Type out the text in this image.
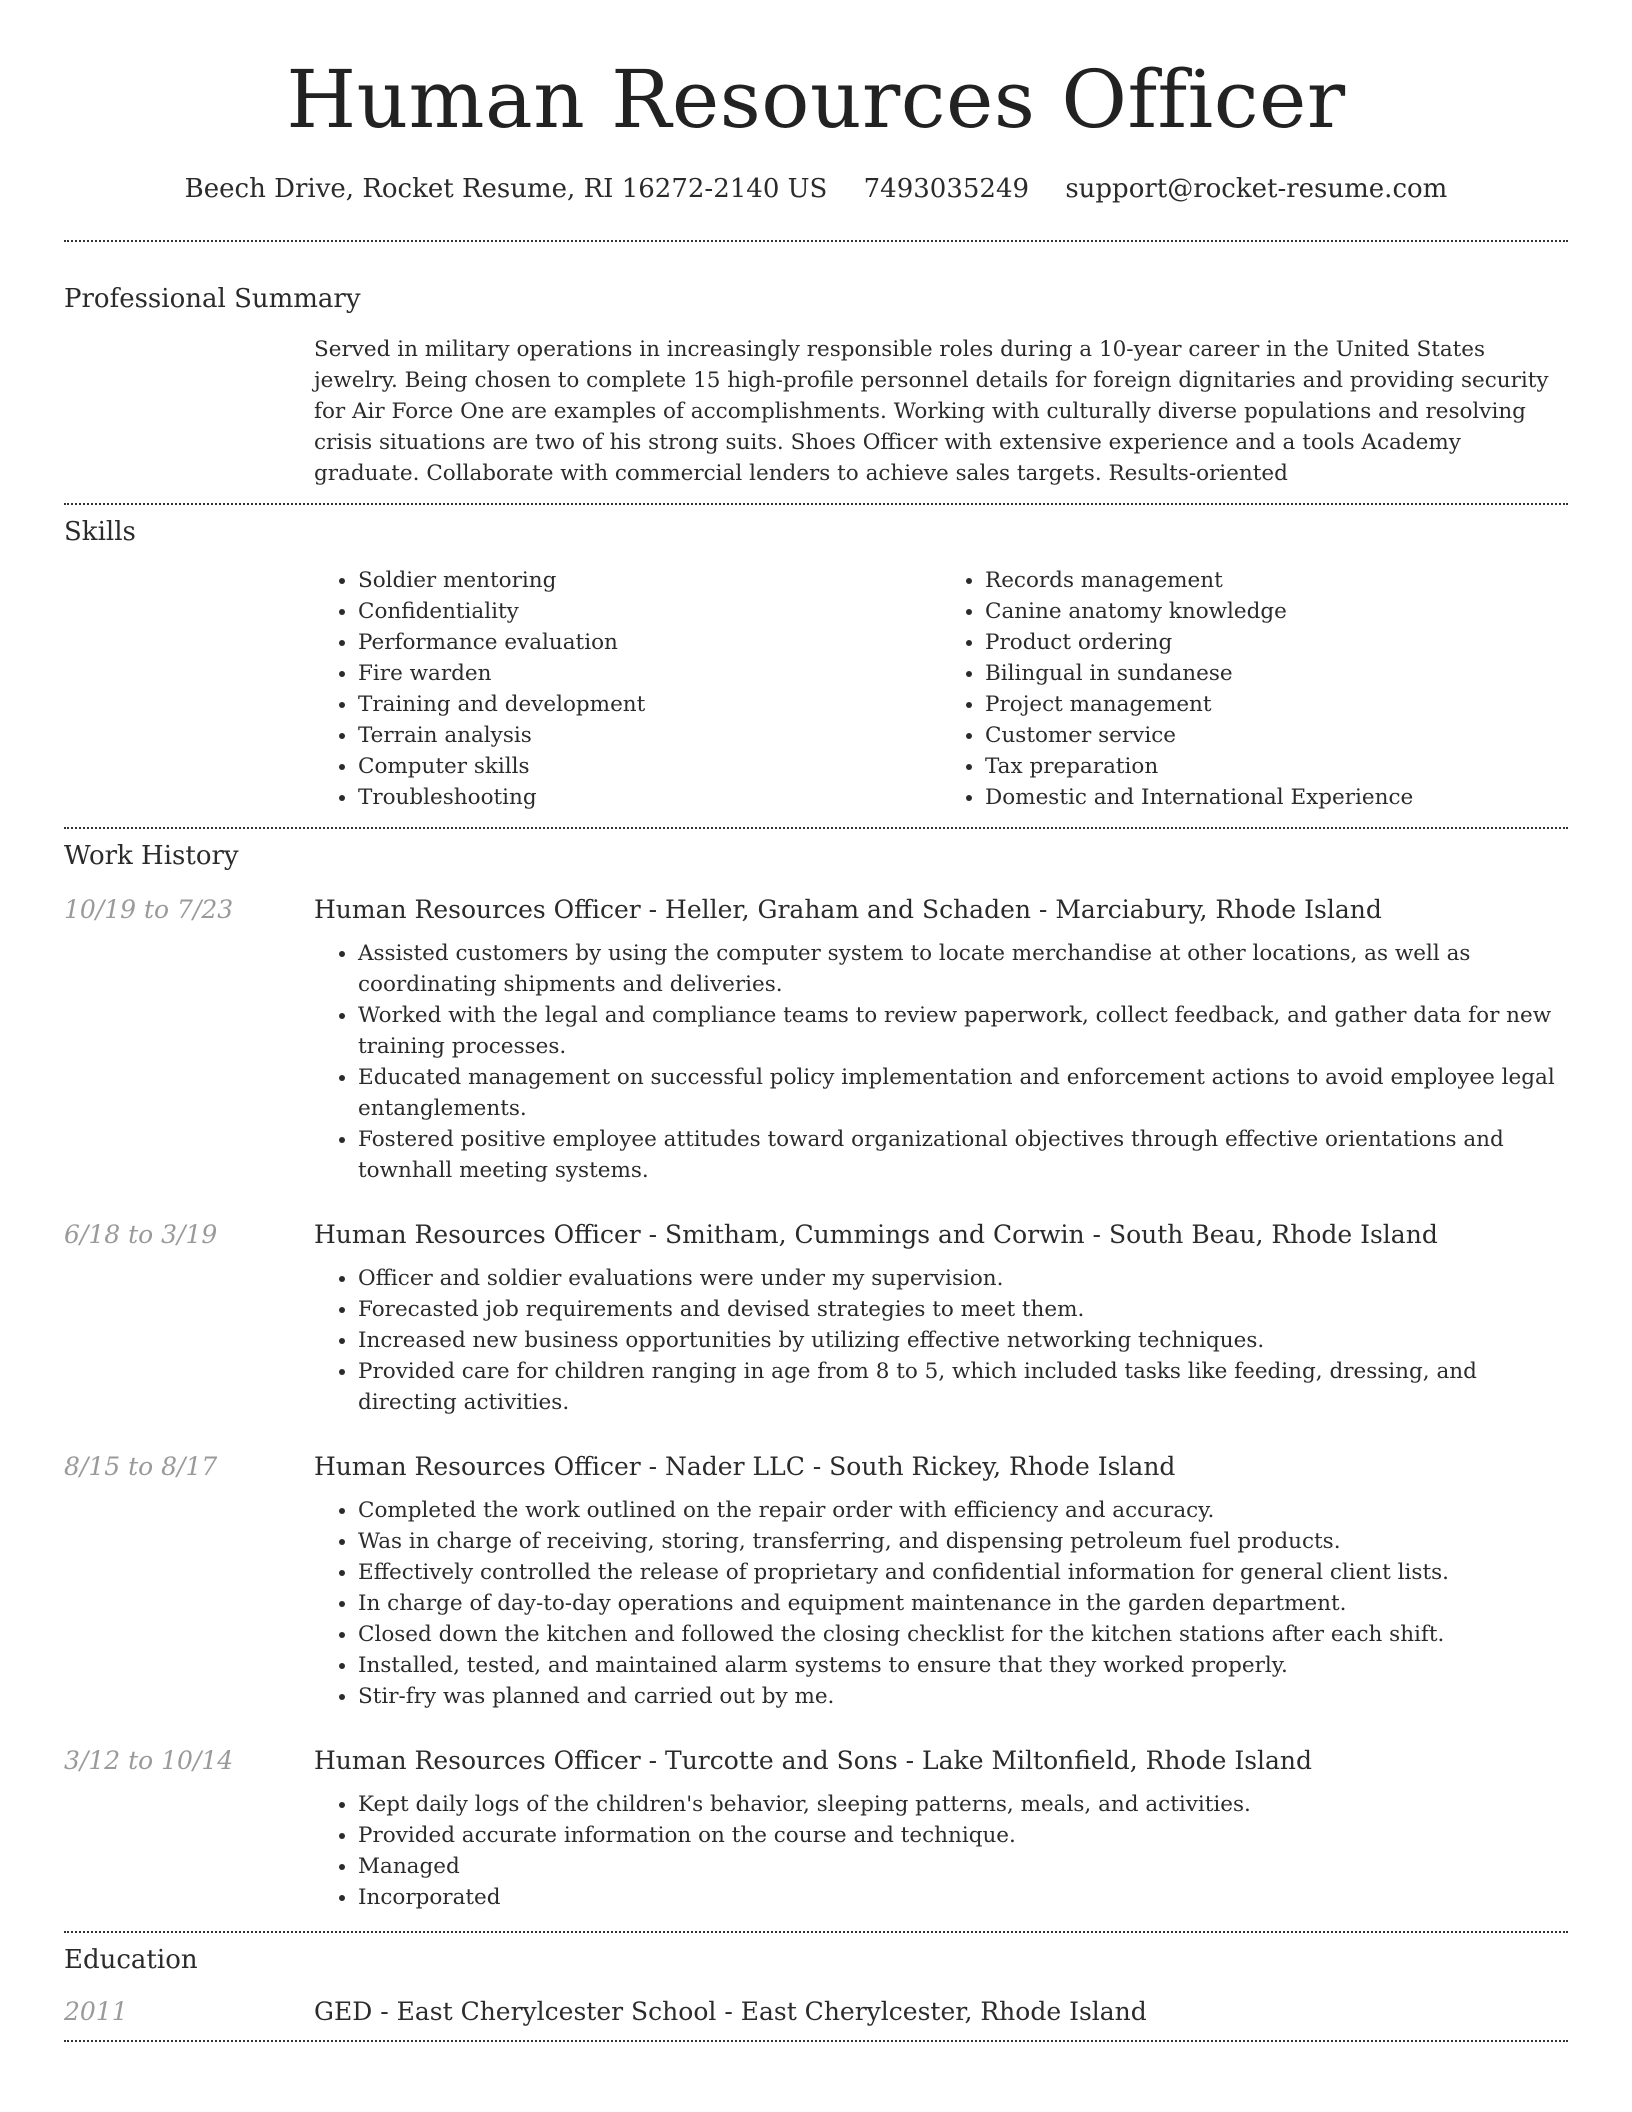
Human Resources Officer
Beech Drive, Rocket Resume, RI 16272-2140 US 7493035249 support@rocket-resume.com
Professional Summary
Served in military operations in increasingly responsible roles during a 10-year career in the United States jewelry. Being chosen to complete 15 high-profile personnel details for foreign dignitaries and providing security for Air Force One are examples of accomplishments. Working with culturally diverse populations and resolving crisis situations are two of his strong suits. Shoes Officer with extensive experience and a tools Academy graduate. Collaborate with commercial lenders to achieve sales targets. Results-oriented
Skills
• Soldier mentoring
• Confidentiality
• Performance evaluation
• Fire warden
• Training and development
• Terrain analysis
• Computer skills
• Troubleshooting
• Records management
• Canine anatomy knowledge
• Product ordering
• Bilingual in sundanese
• Project management
• Customer service
• Tax preparation
• Domestic and International Experience
Work History
10/19 to 7/23	Human Resources Officer - Heller, Graham and Schaden - Marciabury, Rhode Island
• Assisted customers by using the computer system to locate merchandise at other locations, as well as coordinating shipments and deliveries.
• Worked with the legal and compliance teams to review paperwork, collect feedback, and gather data for new training processes.
• Educated management on successful policy implementation and enforcement actions to avoid employee legal entanglements.
• Fostered positive employee attitudes toward organizational objectives through effective orientations and townhall meeting systems.
6/18 to 3/19	Human Resources Officer - Smitham, Cummings and Corwin - South Beau, Rhode Island
• Officer and soldier evaluations were under my supervision.
• Forecasted job requirements and devised strategies to meet them.
• Increased new business opportunities by utilizing effective networking techniques.
• Provided care for children ranging in age from 8 to 5, which included tasks like feeding, dressing, and directing activities.
8/15 to 8/17	Human Resources Officer - Nader LLC - South Rickey, Rhode Island
• Completed the work outlined on the repair order with efficiency and accuracy.
• Was in charge of receiving, storing, transferring, and dispensing petroleum fuel products.
• Effectively controlled the release of proprietary and confidential information for general client lists.
• In charge of day-to-day operations and equipment maintenance in the garden department.
• Closed down the kitchen and followed the closing checklist for the kitchen stations after each shift.
• Installed, tested, and maintained alarm systems to ensure that they worked properly.
• Stir-fry was planned and carried out by me.
3/12 to 10/14	Human Resources Officer - Turcotte and Sons - Lake Miltonfield, Rhode Island
• Kept daily logs of the children's behavior, sleeping patterns, meals, and activities.
• Provided accurate information on the course and technique.
• Managed
• Incorporated
Education
2011	GED - East Cherylcester School - East Cherylcester, Rhode Island
